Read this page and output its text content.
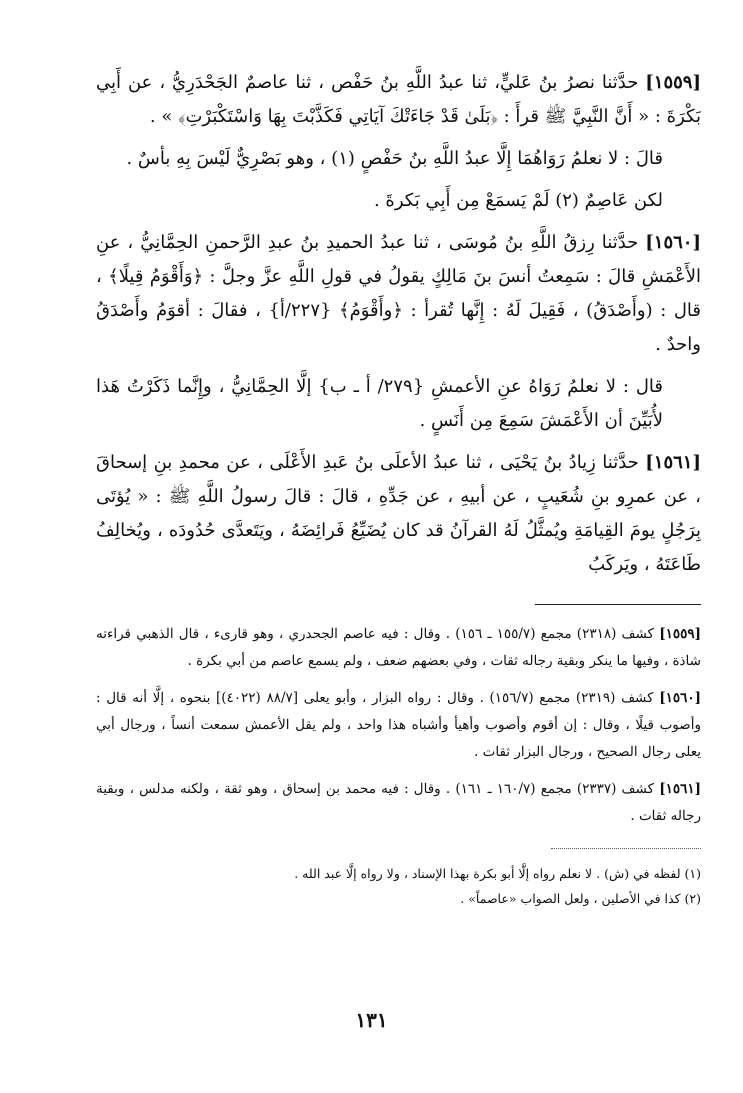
[١٥٥٩] حدَّثنا نصرُ بنُ عَليٍّ، ثنا عبدُ اللَّهِ بنُ حَفْص ، ثنا عاصمٌ الجَحْدَرِيُّ ، عن أَبِي بَكْرَةَ : « أَنَّ النَّبِيَّ ﷺ قرأَ : ﴿بَلَىٰ قَدْ جَاءَتْكَ آيَاتِي فَكَذَّبْتَ بِهَا وَاسْتَكْبَرْتِ﴾ » .

قالَ : لا نعلمُ رَوَاهُمَا إِلَّا عبدُ اللَّهِ بنُ حَفْصٍ (١) ، وهو بَصْرِيٌّ لَيْسَ بِهِ بأسٌ .

لكن عَاصِمٌ (٢) لَمْ يَسمَعْ مِن أَبِي بَكرةَ .

[١٥٦٠] حدَّثنا رِزقُ اللَّهِ بنُ مُوسَى ، ثنا عبدُ الحميدِ بنُ عبدِ الرَّحمنِ الحِمَّانِيُّ ، عنِ الأَعْمَشِ قالَ : سَمِعتُ أنسَ بنَ مَالِكٍ يقولُ في قولِ اللَّهِ عزَّ وجلَّ : ﴿وَأَقْوَمُ قِيلًا﴾ ، قال : (وأَصْدَقُ) ، فَقِيلَ لَهُ : إِنَّها تُقرأ : ﴿وأَقْوَمُ﴾ {٢٢٧/أ} ، فقالَ : أقوَمُ وأَصْدَقُ واحدٌ .

قال : لا نعلمُ رَوَاهُ عنِ الأعمشِ {٢٧٩/ أ ـ ب} إلَّا الحِمَّانِيُّ ، وإِنَّما ذَكَرْتُ هَذا لأُبَيِّنَ أن الأَعْمَشَ سَمِعَ مِن أَنَسٍ .

[١٥٦١] حدَّثنا زِيادُ بنُ يَحْيَى ، ثنا عبدُ الأعلَى بنُ عَبدِ الأَعْلَى ، عن محمدِ بنِ إسحاقَ ، عن عمرِو بنِ شُعَيبٍ ، عن أبيهِ ، عن جَدِّهِ ، قالَ : قالَ رسولُ اللَّهِ ﷺ : « يُؤتَى بِرَجُلٍ يومَ القِيامَةِ ويُمثَّلُ لَهُ القرآنُ قد كان يُضَيِّعُ فَرائِضَهُ ، ويَتَعدَّى حُدُودَه ، ويُخالِفُ طَاعَتَهُ ، ويَركَبُ

[١٥٥٩] كشف (٢٣١٨) مجمع (١٥٥/٧ ـ ١٥٦) . وقال : فيه عاصم الجحدري ، وهو قارىء ، قال الذهبي قراءته شاذة ، وفيها ما ينكر وبقية رجاله ثقات ، وفي بعضهم ضعف ، ولم يسمع عاصم من أبي بكرة .

[١٥٦٠] كشف (٢٣١٩) مجمع (١٥٦/٧) . وقال : رواه البزار ، وأبو يعلى [٨٨/٧ (٤٠٢٢)] بنحوه ، إلَّا أنه قال : وأصوب قيلًا ، وقال : إن أقوم وأصوب وأهيأ وأشباه هذا واحد ، ولم يقل الأعمش سمعت أنساً ، ورجال أبي يعلى رجال الصحيح ، ورجال البزار ثقات .

[١٥٦١] كشف (٢٣٣٧) مجمع (١٦٠/٧ ـ ١٦١) . وقال : فيه محمد بن إسحاق ، وهو ثقة ، ولكنه مدلس ، وبقية رجاله ثقات .

(١) لفظه في (ش) . لا نعلم رواه إلَّا أبو بكرة بهذا الإسناد ، ولا رواه إلَّا عبد الله .

(٢) كذا في الأصلين ، ولعل الصواب «عاصماً» .

١٣١
